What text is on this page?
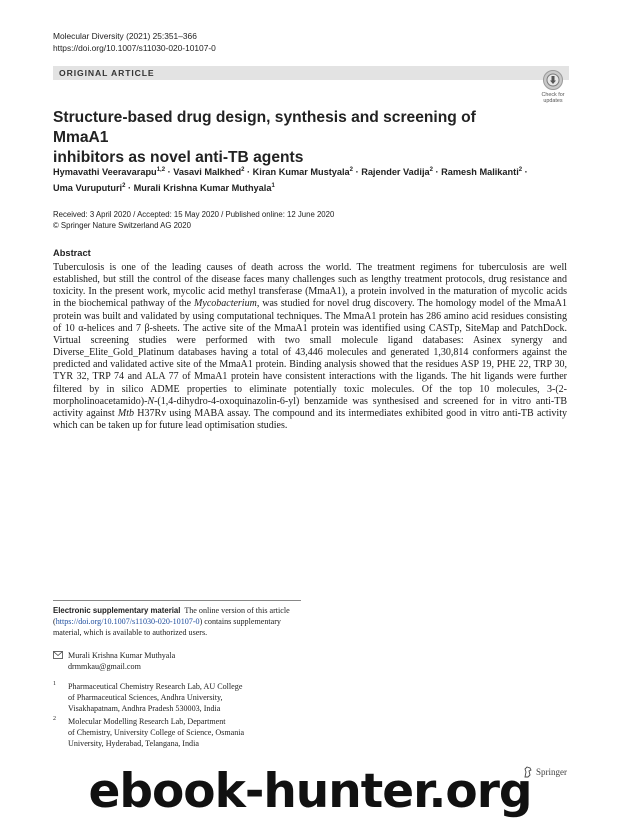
Molecular Diversity (2021) 25:351–366
https://doi.org/10.1007/s11030-020-10107-0
ORIGINAL ARTICLE
Check for
updates
Structure-based drug design, synthesis and screening of MmaA1
inhibitors as novel anti-TB agents
Hymavathi Veeravarapu$^{1,2}$ · Vasavi Malkhed$^2$ · Kiran Kumar Mustyala$^2$ · Rajender Vadija$^2$ · Ramesh Malikanti$^2$ ·
Uma Vuruputuri$^2$ · Murali Krishna Kumar Muthyala$^1$
Received: 3 April 2020 / Accepted: 15 May 2020 / Published online: 12 June 2020
© Springer Nature Switzerland AG 2020
Abstract

Tuberculosis is one of the leading causes of death across the world. The treatment regimens for tuberculosis are well established, but still the control of the disease faces many challenges such as lengthy treatment protocols, drug resistance and toxicity. In the present work, mycolic acid methyl transferase (MmaA1), a protein involved in the maturation of mycolic acids in the biochemical pathway of the Mycobacterium, was studied for novel drug discovery. The homology model of the MmaA1 protein was built and validated by using computational techniques. The MmaA1 protein has 286 amino acid residues consisting of 10 α-helices and 7 β-sheets. The active site of the MmaA1 protein was identified using CASTp, SiteMap and PatchDock. Virtual screening studies were performed with two small molecule ligand databases: Asinex synergy and Diverse_Elite_Gold_Platinum databases having a total of 43,446 molecules and generated 1,30,814 conformers against the predicted and validated active site of the MmaA1 protein. Binding analysis showed that the residues ASP 19, PHE 22, TRP 30, TYR 32, TRP 74 and ALA 77 of MmaA1 protein have consistent interactions with the ligands. The hit ligands were further filtered by in silico ADME properties to eliminate potentially toxic molecules. Of the top 10 molecules, 3-(2-morpholinoacetamido)-N-(1,4-dihydro-4-oxoquinazolin-6-yl) benzamide was synthesised and screened for in vitro anti-TB activity against Mtb H37Rv using MABA assay. The compound and its intermediates exhibited good in vitro anti-TB activity which can be taken up for future lead optimisation studies.

Electronic supplementary material The online version of this article (https://doi.org/10.1007/s11030-020-10107-0) contains supplementary material, which is available to authorized users.
Murali Krishna Kumar Muthyala
drmmkau@gmail.com
1 Pharmaceutical Chemistry Research Lab, AU College
of Pharmaceutical Sciences, Andhra University,
Visakhapatnam, Andhra Pradesh 530003, India
2 Molecular Modelling Research Lab, Department
of Chemistry, University College of Science, Osmania
University, Hyderabad, Telangana, India
Springer
ebook-hunter.org
